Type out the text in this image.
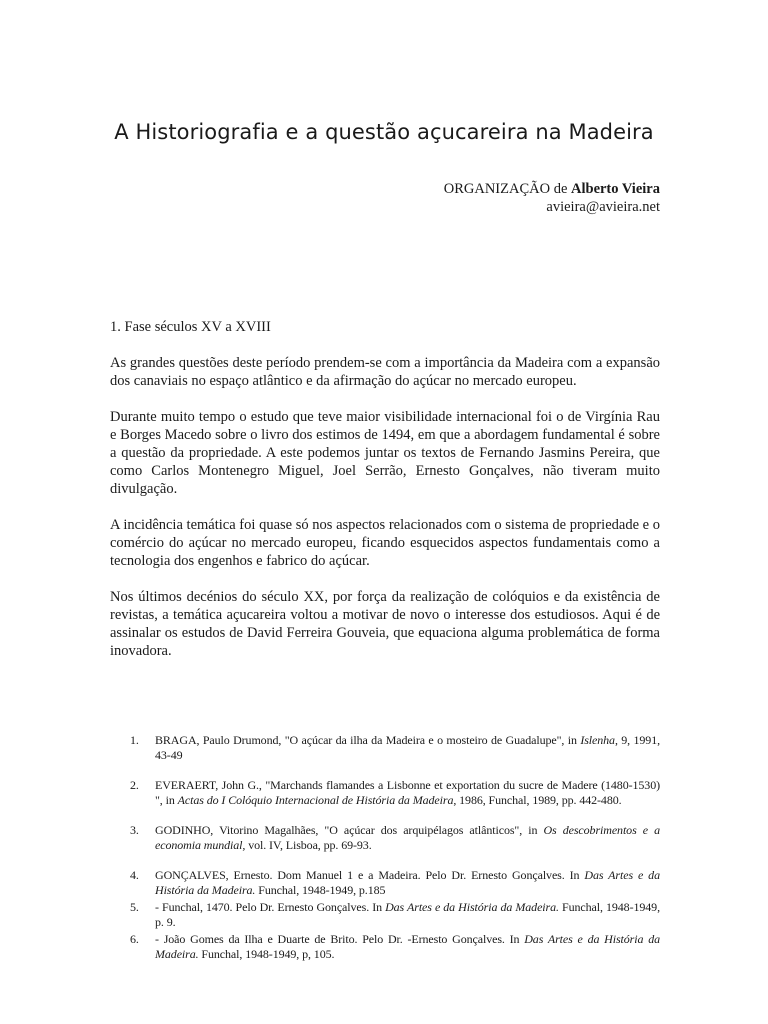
A Historiografia e a questão açucareira na Madeira
ORGANIZAÇÃO de Alberto Vieira
avieira@avieira.net
1. Fase séculos XV a XVIII

As grandes questões deste período prendem-se com a importância da Madeira com a expansão dos canaviais no espaço atlântico e da afirmação do açúcar no mercado europeu.

Durante muito tempo o estudo que teve maior visibilidade internacional foi o de Virgínia Rau e Borges Macedo sobre o livro dos estimos de 1494, em que a abordagem fundamental é sobre a questão da propriedade. A este podemos juntar os textos de Fernando Jasmins Pereira, que como Carlos Montenegro Miguel, Joel Serrão, Ernesto Gonçalves, não tiveram muito divulgação.

A incidência temática foi quase só nos aspectos relacionados com o sistema de propriedade e o comércio do açúcar no mercado europeu, ficando esquecidos aspectos fundamentais como a tecnologia dos engenhos e fabrico do açúcar.

Nos últimos decénios do século XX, por força da realização de colóquios e da existência de revistas, a temática açucareira voltou a motivar de novo o interesse dos estudiosos. Aqui é de assinalar os estudos de David Ferreira Gouveia, que equaciona alguma problemática de forma inovadora.

1. BRAGA, Paulo Drumond, "O açúcar da ilha da Madeira e o mosteiro de Guadalupe", in Islenha, 9, 1991, 43-49
2. EVERAERT, John G., "Marchands flamandes a Lisbonne et exportation du sucre de Madere (1480-1530) ", in Actas do I Colóquio Internacional de História da Madeira, 1986, Funchal, 1989, pp. 442-480.
3. GODINHO, Vitorino Magalhães, "O açúcar dos arquipélagos atlânticos", in Os descobrimentos e a economia mundial, vol. IV, Lisboa, pp. 69-93.
4. GONÇALVES, Ernesto. Dom Manuel 1 e a Madeira. Pelo Dr. Ernesto Gonçalves. In Das Artes e da História da Madeira. Funchal, 1948-1949, p.185
5. - Funchal, 1470. Pelo Dr. Ernesto Gonçalves. In Das Artes e da História da Madeira. Funchal, 1948-1949, p. 9.
6. - João Gomes da Ilha e Duarte de Brito. Pelo Dr. -Ernesto Gonçalves. In Das Artes e da História da Madeira. Funchal, 1948-1949, p, 105.
